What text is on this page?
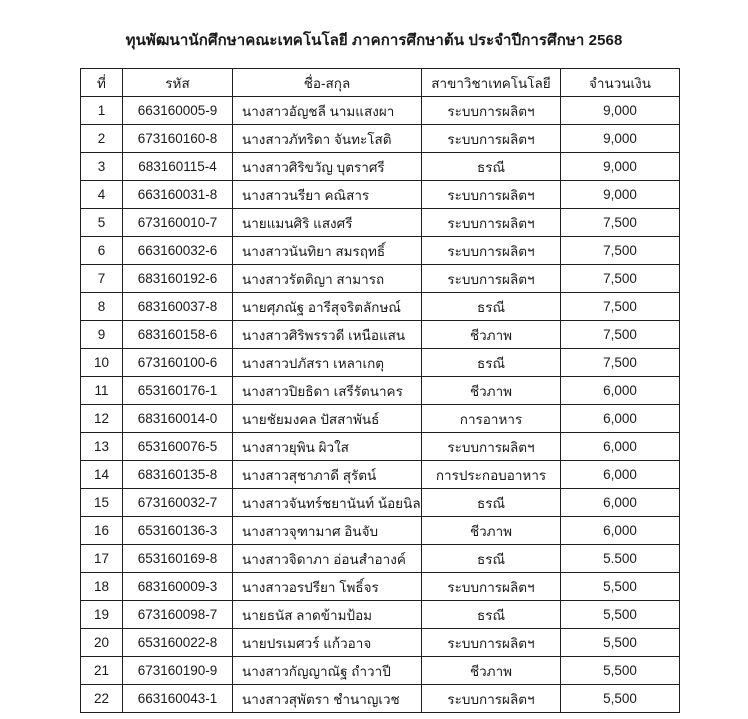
ทุนพัฒนานักศึกษาคณะเทคโนโลยี ภาคการศึกษาต้น ประจำปีการศึกษา 2568
ที่	รหัส	ชื่อ-สกุล	สาขาวิชาเทคโนโลยี	จำนวนเงิน
1	663160005-9	นางสาวอัญชลี นามแสงผา	ระบบการผลิตฯ	9,000
2	673160160-8	นางสาวภัทริดา จันทะโสติ	ระบบการผลิตฯ	9,000
3	683160115-4	นางสาวศิริขวัญ บุตราศรี	ธรณี	9,000
4	663160031-8	นางสาวนรียา คณิสาร	ระบบการผลิตฯ	9,000
5	673160010-7	นายแมนศิริ แสงศรี	ระบบการผลิตฯ	7,500
6	663160032-6	นางสาวนันทิยา สมรฤทธิ์	ระบบการผลิตฯ	7,500
7	683160192-6	นางสาวรัตติญา สามารถ	ระบบการผลิตฯ	7,500
8	683160037-8	นายศุภณัฐ อารีสุจริตลักษณ์	ธรณี	7,500
9	683160158-6	นางสาวศิริพรรวดี เหนือแสน	ชีวภาพ	7,500
10	673160100-6	นางสาวปภัสรา เหลาเกตุ	ธรณี	7,500
11	653160176-1	นางสาวปิยธิดา เสรีรัตนาคร	ชีวภาพ	6,000
12	683160014-0	นายชัยมงคล ปัสสาพันธ์	การอาหาร	6,000
13	653160076-5	นางสาวยุพิน ผิวใส	ระบบการผลิตฯ	6,000
14	683160135-8	นางสาวสุชาภาดี สุรัตน์	การประกอบอาหาร	6,000
15	673160032-7	นางสาวจันทร์ชยานันท์ น้อยนิล	ธรณี	6,000
16	653160136-3	นางสาวจุฑามาศ อินจับ	ชีวภาพ	6,000
17	653160169-8	นางสาวจิดาภา อ่อนสำอางค์	ธรณี	5.500
18	683160009-3	นางสาวอรปรียา โพธิ์จร	ระบบการผลิตฯ	5,500
19	673160098-7	นายธนัส ลาดข้ามป้อม	ธรณี	5,500
20	653160022-8	นายปรเมศวร์ แก้วอาจ	ระบบการผลิตฯ	5,500
21	673160190-9	นางสาวกัญญาณัฐ ถำวาปี	ชีวภาพ	5,500
22	663160043-1	นางสาวสุพัตรา ชำนาญเวช	ระบบการผลิตฯ	5,500
